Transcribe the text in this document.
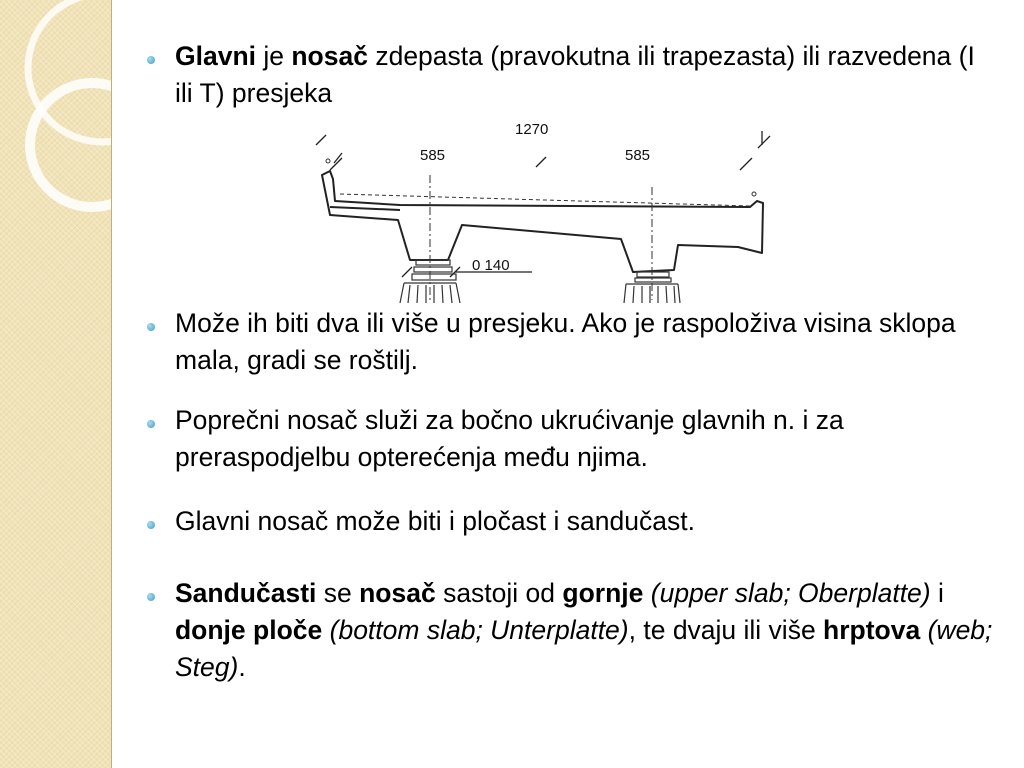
Glavni je nosač zdepasta (pravokutna ili trapezasta) ili razvedena (I ili T) presjeka

1270
585	585
0 140

Može ih biti dva ili više u presjeku. Ako je raspoloživa visina sklopa mala, gradi se roštilj.

Poprečni nosač služi za bočno ukrućivanje glavnih n. i za preraspodjelbu opterećenja među njima.

Glavni nosač može biti i pločast i sandučast.

Sandučasti se nosač sastoji od gornje (upper slab; Oberplatte) i donje ploče (bottom slab; Unterplatte), te dvaju ili više hrptova (web; Steg).
